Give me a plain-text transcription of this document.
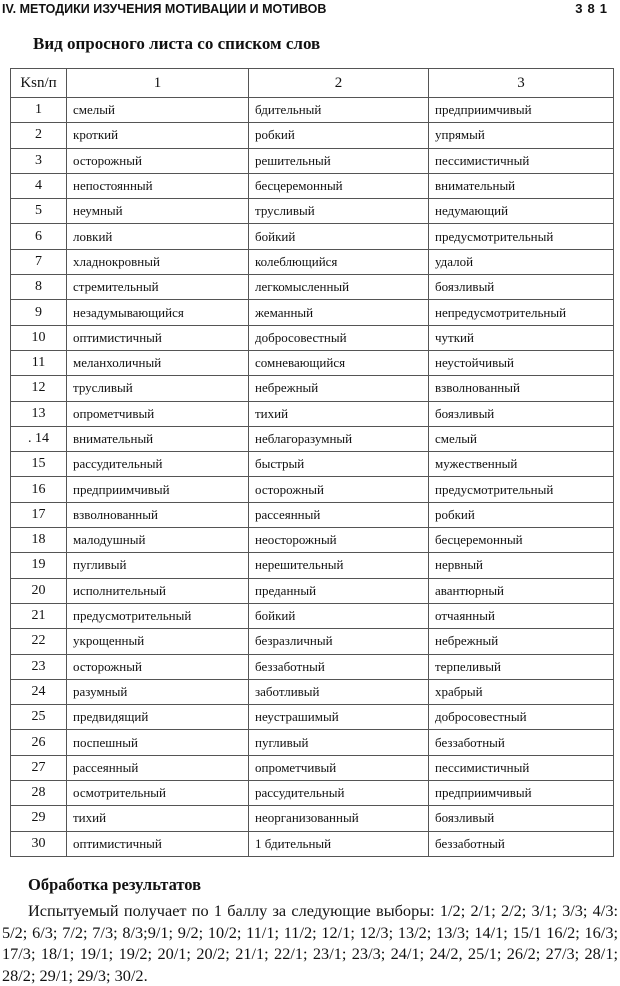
IV. МЕТОДИКИ ИЗУЧЕНИЯ МОТИВАЦИИ И МОТИВОВ	381
Вид опросного листа со списком слов
Ksn/п	1	2	3
1	смелый	бдительный	предприимчивый
2	кроткий	робкий	упрямый
3	осторожный	решительный	пессимистичный
4	непостоянный	бесцеремонный	внимательный
5	неумный	трусливый	недумающий
6	ловкий	бойкий	предусмотрительный
7	хладнокровный	колеблющийся	удалой
8	стремительный	легкомысленный	боязливый
9	незадумывающийся	жеманный	непредусмотрительный
10	оптимистичный	добросовестный	чуткий
11	меланхоличный	сомневающийся	неустойчивый
12	трусливый	небрежный	взволнованный
13	опрометчивый	тихий	боязливый
. 14	внимательный	неблагоразумный	смелый
15	рассудительный	быстрый	мужественный
16	предприимчивый	осторожный	предусмотрительный
17	взволнованный	рассеянный	робкий
18	малодушный	неосторожный	бесцеремонный
19	пугливый	нерешительный	нервный
20	исполнительный	преданный	авантюрный
21	предусмотрительный	бойкий	отчаянный
22	укрощенный	безразличный	небрежный
23	осторожный	беззаботный	терпеливый
24	разумный	заботливый	храбрый
25	предвидящий	неустрашимый	добросовестный
26	поспешный	пугливый	беззаботный
27	рассеянный	опрометчивый	пессимистичный
28	осмотрительный	рассудительный	предприимчивый
29	тихий	неорганизованный	боязливый
30	оптимистичный	1 бдительный	беззаботный
Обработка результатов
Испытуемый получает по 1 баллу за следующие выборы: 1/2; 2/1; 2/2; 3/1; 3/3; 4/3: 5/2; 6/3; 7/2; 7/3; 8/3;9/1; 9/2; 10/2; 11/1; 11/2; 12/1; 12/3; 13/2; 13/3; 14/1; 15/1 16/2; 16/3; 17/3; 18/1; 19/1; 19/2; 20/1; 20/2; 21/1; 22/1; 23/1; 23/3; 24/1; 24/2, 25/1; 26/2; 27/3; 28/1; 28/2; 29/1; 29/3; 30/2.
